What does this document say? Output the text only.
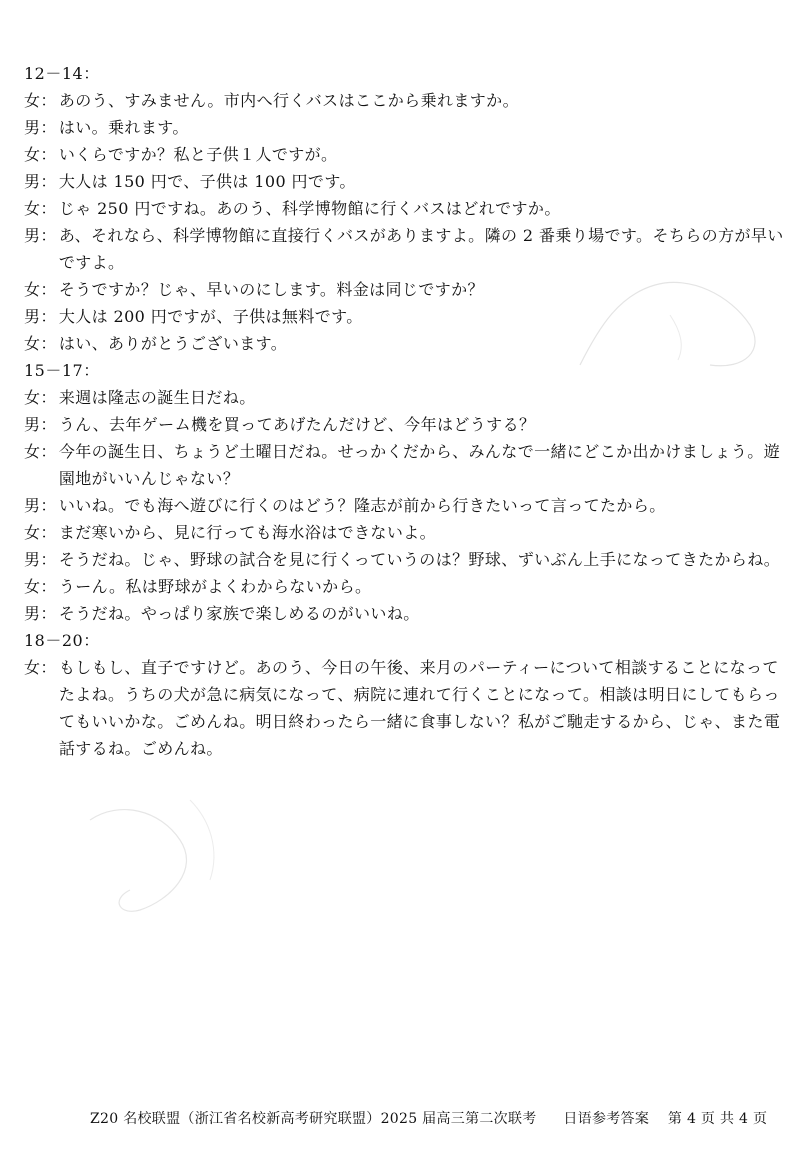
12－14：
女： あのう、すみません。市内へ行くバスはここから乗れますか。
男： はい。乗れます。
女： いくらですか？私と子供１人ですが。
男： 大人は 150 円で、子供は 100 円です。
女： じゃ 250 円ですね。あのう、科学博物館に行くバスはどれですか。
男： あ、それなら、科学博物館に直接行くバスがありますよ。隣の 2 番乗り場です。そちらの方が早いですよ。
女： そうですか？じゃ、早いのにします。料金は同じですか？
男： 大人は 200 円ですが、子供は無料です。
女： はい、ありがとうございます。
15－17：
女： 来週は隆志の誕生日だね。
男： うん、去年ゲーム機を買ってあげたんだけど、今年はどうする？
女： 今年の誕生日、ちょうど土曜日だね。せっかくだから、みんなで一緒にどこか出かけましょう。遊園地がいいんじゃない？
男： いいね。でも海へ遊びに行くのはどう？隆志が前から行きたいって言ってたから。
女： まだ寒いから、見に行っても海水浴はできないよ。
男： そうだね。じゃ、野球の試合を見に行くっていうのは？野球、ずいぶん上手になってきたからね。
女： うーん。私は野球がよくわからないから。
男： そうだね。やっぱり家族で楽しめるのがいいね。
18－20：
女： もしもし、直子ですけど。あのう、今日の午後、来月のパーティーについて相談することになってたよね。うちの犬が急に病気になって、病院に連れて行くことになって。相談は明日にしてもらってもいいかな。ごめんね。明日終わったら一緒に食事しない？私がご馳走するから、じゃ、また電話するね。ごめんね。
Z20 名校联盟（浙江省名校新高考研究联盟）2025 届高三第二次联考 日语参考答案 第 4 页 共 4 页
